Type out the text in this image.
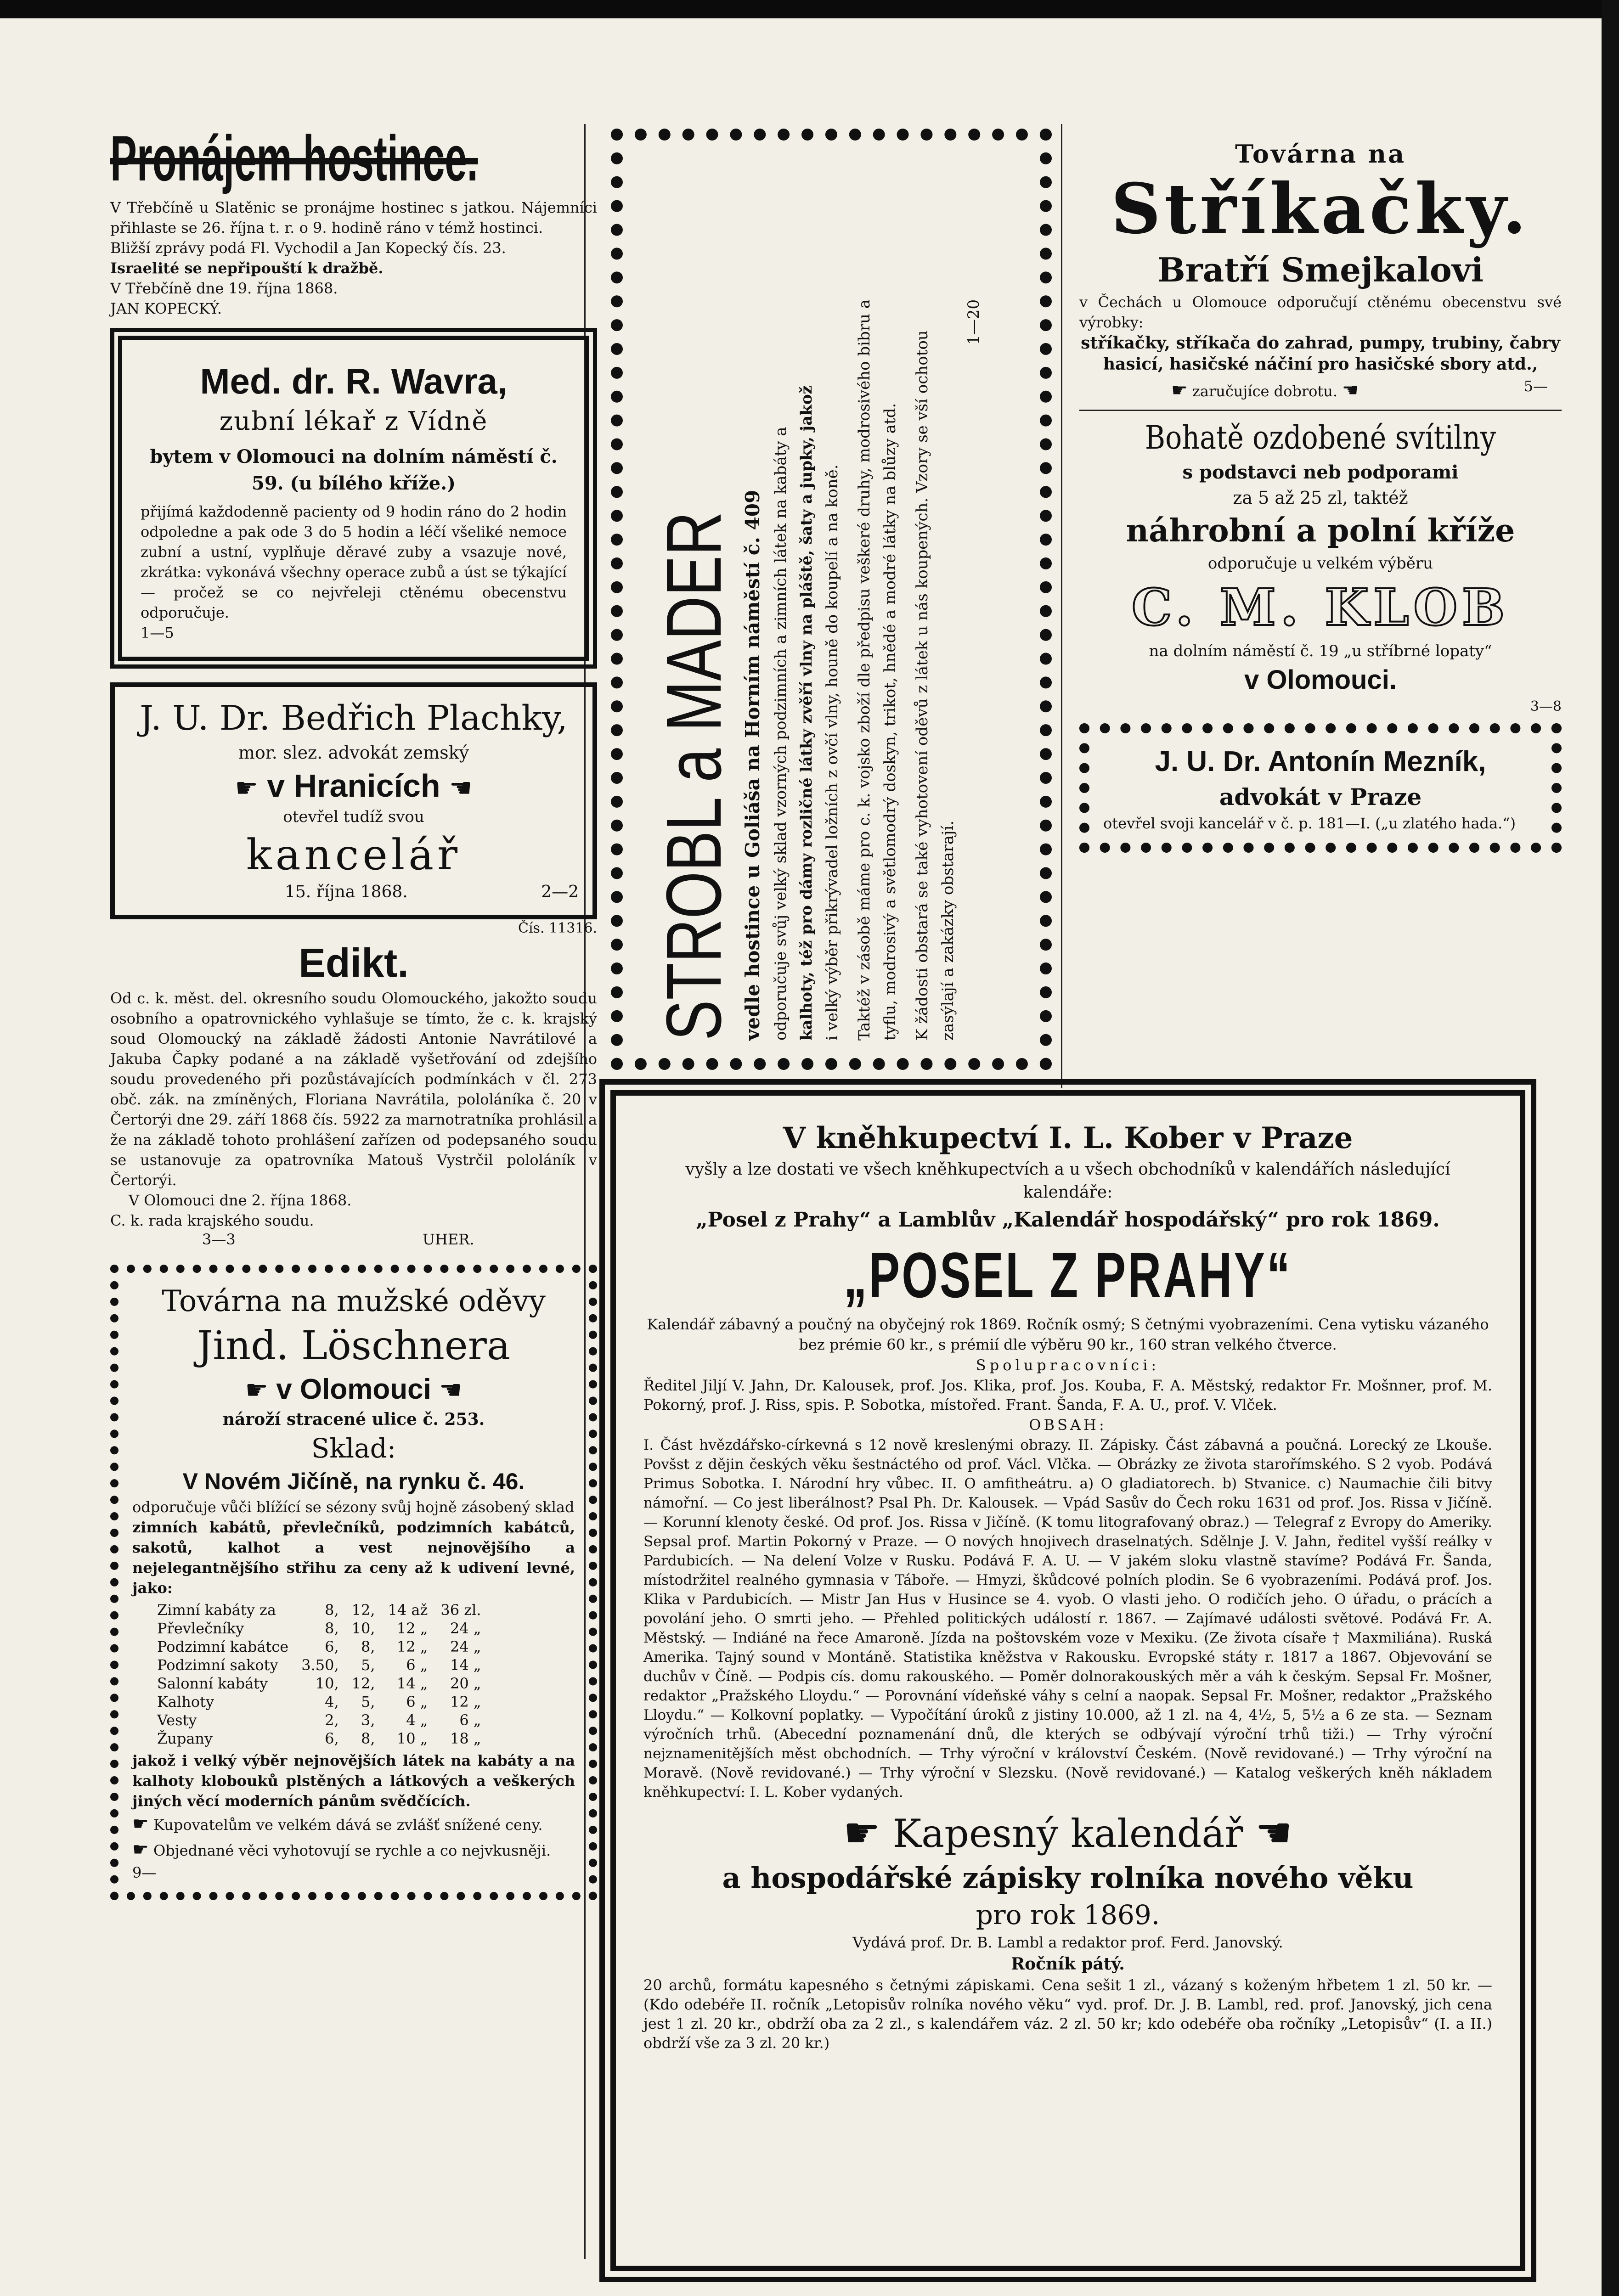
Pronájem hostince.

V Třebčíně u Slatěnic se pronájme hostinec s jatkou. Nájemníci přihlaste se 26. října t. r. o 9. hodině ráno v témž hostinci.

Bližší zprávy podá Fl. Vychodil a Jan Kopecký čís. 23.

Israelité se nepřipouští k dražbě.

V Třebčíně dne 19. října 1868.

JAN KOPECKÝ.

Med. dr. R. Wavra,
zubní lékař z Vídně
bytem v Olomouci na dolním náměstí č. 59. (u bílého kříže.)

přijímá každodenně pacienty od 9 hodin ráno do 2 hodin odpoledne a pak ode 3 do 5 hodin a léčí všeliké nemoce zubní a ustní, vyplňuje děravé zuby a vsazuje nové, zkrátka: vykonává všechny operace zubů a úst se týkající — pročež se co nejvřeleji ctěnému obecenstvu odporučuje.

1—5

J. U. Dr. Bedřich Plachky,
mor. slez. advokát zemský
☛ v Hranicích ☛
otevřel tudíž svou
kancelář
15. října 1868.	2—2

Čís. 11316.

Edikt.

Od c. k. měst. del. okresního soudu Olomouckého, jakožto soudu osobního a opatrovnického vyhlašuje se tímto, že c. k. krajský soud Olomoucký na základě žádosti Antonie Navrátilové a Jakuba Čapky podané a na základě vyšetřování od zdejšího soudu provedeného při pozůstávajících podmínkách v čl. 273 obč. zák. na zmíněných, Floriana Navrátila, pololáníka č. 20 v Čertorýi dne 29. září 1868 čís. 5922 za marnotratníka prohlásil a že na základě tohoto prohlášení zařízen od podepsaného soudu se ustanovuje za opatrovníka Matouš Vystrčil pololáník v Čertorýi.

V Olomouci dne 2. října 1868.

C. k. rada krajského soudu.

3—3	UHER.
Továrna na mužské oděvy
Jind. Löschnera
☛ v Olomouci ☛
nároží stracené ulice č. 253.
Sklad:
V Novém Jičíně, na rynku č. 46.

odporučuje vůči blížící se sézony svůj hojně zásobený sklad

zimních kabátů, převlečníků, podzimních kabátců, sakotů, kalhot a vest nejnovějšího a nejelegantnějšího střihu za ceny až k udivení levné, jako:

Zimní kabáty za	8,	12,	14 až	36 zl.
Převlečníky	8,	10,	12 „	24 „
Podzimní kabátce	6,	8,	12 „	24 „
Podzimní sakoty	3.50,	5,	6 „	14 „
Salonní kabáty	10,	12,	14 „	20 „
Kalhoty	4,	5,	6 „	12 „
Vesty	2,	3,	4 „	6 „
Župany	6,	8,	10 „	18 „

jakož i velký výběr nejnovějších látek na kabáty a na kalhoty klobouků plstěných a látkových a veškerých jiných věcí moderních pánům svědčících.

☛ Kupovatelům ve velkém dává se zvlášť snížené ceny.

☛ Objednané věci vyhotovují se rychle a co nejvkusněji.

9—

STROBL a MADER vedle hostince u Goliáša na Horním náměstí č. 409 odporučuje svůj velký sklad vzorných podzimních a zimních látek na kabáty a kalhoty, též pro dámy rozličné látky zvěří vlny na pláště, šaty a jupky, jakož i velký výběr přikrývadel ložních z ovčí vlny, houně do koupelí a na koně. Taktéž v zásobě máme pro c. k. vojsko zboží dle předpisu veškeré druhy, modrosivého bibru a tyflu, modrosivý a světlomodrý doskyn, trikot, hnědé a modré látky na blůzy atd. K žádosti obstará se také vyhotovení oděvů z látek u nás koupených. Vzory se vší ochotou zasýlají a zakázky obstarají.
1—20
Továrna na
Stříkačky.
Bratří Smejkalovi

v Čechách u Olomouce odporučují ctěnému obecenstvu své výrobky:

stříkačky, stříkača do zahrad, pumpy, trubiny, čabry hasicí, hasičské náčiní pro hasičské sbory atd.,

☛ zaručujíce dobrotu. ☛	5—
Bohatě ozdobené svítilny
s podstavci neb podporami
za 5 až 25 zl, taktéž
náhrobní a polní kříže
odporučuje u velkém výběru
C. M. KLOB
na dolním náměstí č. 19 „u stříbrné lopaty“
v Olomouci.

3—8

J. U. Dr. Antonín Mezník,
advokát v Praze

otevřel svoji kancelář v č. p. 181—I. („u zlatého hada.“)

V kněhkupectví I. L. Kober v Praze

vyšly a lze dostati ve všech kněhkupectvích a u všech obchodníků v kalendářích následující kalendáře:

„Posel z Prahy“ a Lamblův „Kalendář hospodářský“ pro rok 1869.

„POSEL Z PRAHY“

Kalendář zábavný a poučný na obyčejný rok 1869. Ročník osmý; S četnými vyobrazeními. Cena vytisku vázaného bez prémie 60 kr., s prémií dle výběru 90 kr., 160 stran velkého čtverce.

Spolupracovníci:

Ředitel Jiljí V. Jahn, Dr. Kalousek, prof. Jos. Klika, prof. Jos. Kouba, F. A. Městský, redaktor Fr. Mošnner, prof. M. Pokorný, prof. J. Riss, spis. P. Sobotka, místořed. Frant. Šanda, F. A. U., prof. V. Vlček.

OBSAH:

I. Část hvězdářsko-církevná s 12 nově kreslenými obrazy. II. Zápisky. Část zábavná a poučná. Lorecký ze Lkouše. Povšst z dějin českých věku šestnáctého od prof. Václ. Vlčka. — Obrázky ze života starořímského. S 2 vyob. Podává Primus Sobotka. I. Národní hry vůbec. II. O amfitheátru. a) O gladiatorech. b) Stvanice. c) Naumachie čili bitvy námořní. — Co jest liberálnost? Psal Ph. Dr. Kalousek. — Vpád Sasův do Čech roku 1631 od prof. Jos. Rissa v Jičíně. — Korunní klenoty české. Od prof. Jos. Rissa v Jičíně. (K tomu litografovaný obraz.) — Telegraf z Evropy do Ameriky. Sepsal prof. Martin Pokorný v Praze. — O nových hnojivech draselnatých. Sdělnje J. V. Jahn, ředitel vyšší reálky v Pardubicích. — Na delení Volze v Rusku. Podává F. A. U. — V jakém sloku vlastně stavíme? Podává Fr. Šanda, místodržitel realného gymnasia v Táboře. — Hmyzi, škůdcové polních plodin. Se 6 vyobrazeními. Podává prof. Jos. Klika v Pardubicích. — Mistr Jan Hus v Husince se 4. vyob. O vlasti jeho. O rodičích jeho. O úřadu, o prácích a povolání jeho. O smrti jeho. — Přehled politických událostí r. 1867. — Zajímavé události světové. Podává Fr. A. Městský. — Indiáné na řece Amaroně. Jízda na poštovském voze v Mexiku. (Ze života císaře † Maxmiliána). Ruská Amerika. Tajný sound v Montáně. Statistika kněžstva v Rakousku. Evropské státy r. 1817 a 1867. Objevování se duchův v Číně. — Podpis cís. domu rakouského. — Poměr dolnorakouských měr a váh k českým. Sepsal Fr. Mošner, redaktor „Pražského Lloydu.“ — Porovnání vídeňské váhy s celní a naopak. Sepsal Fr. Mošner, redaktor „Pražského Lloydu.“ — Kolkovní poplatky. — Vypočítání úroků z jistiny 10.000, až 1 zl. na 4, 4½, 5, 5½ a 6 ze sta. — Seznam výročních trhů. (Abecední poznamenání dnů, dle kterých se odbývají výroční trhů tiži.) — Trhy výroční nejznamenitějších měst obchodních. — Trhy výroční v království Českém. (Nově revidované.) — Trhy výroční na Moravě. (Nově revidované.) — Trhy výroční v Slezsku. (Nově revidované.) — Katalog veškerých kněh nákladem kněhkupectví: I. L. Kober vydaných.

☛ Kapesný kalendář ☛
a hospodářské zápisky rolníka nového věku
pro rok 1869.

Vydává prof. Dr. B. Lambl a redaktor prof. Ferd. Janovský.

Ročník pátý.

20 archů, formátu kapesného s četnými zápiskami. Cena sešit 1 zl., vázaný s koženým hřbetem 1 zl. 50 kr. — (Kdo odebéře II. ročník „Letopisův rolníka nového věku“ vyd. prof. Dr. J. B. Lambl, red. prof. Janovský, jich cena jest 1 zl. 20 kr., obdrží oba za 2 zl., s kalendářem váz. 2 zl. 50 kr; kdo odebéře oba ročníky „Letopisův“ (I. a II.) obdrží vše za 3 zl. 20 kr.)
